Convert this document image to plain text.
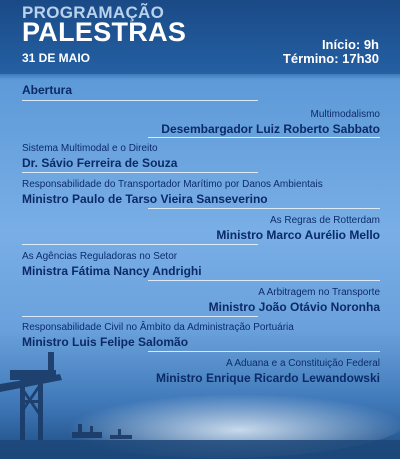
PROGRAMAÇÃO
PALESTRAS
31 DE MAIO
Início: 9h
Término: 17h30
Abertura
Multimodalismo
Desembargador Luiz Roberto Sabbato
Sistema Multimodal e o Direito
Dr. Sávio Ferreira de Souza
Responsabilidade do Transportador Marítimo por Danos Ambientais
Ministro Paulo de Tarso Vieira Sanseverino
As Regras de Rotterdam
Ministro Marco Aurélio Mello
As Agências Reguladoras no Setor
Ministra Fátima Nancy Andrighi
A Arbitragem no Transporte
Ministro João Otávio Noronha
Responsabilidade Civil no Âmbito da Administração Portuária
Ministro Luis Felipe Salomão
A Aduana e a Constituição Federal
Ministro Enrique Ricardo Lewandowski
